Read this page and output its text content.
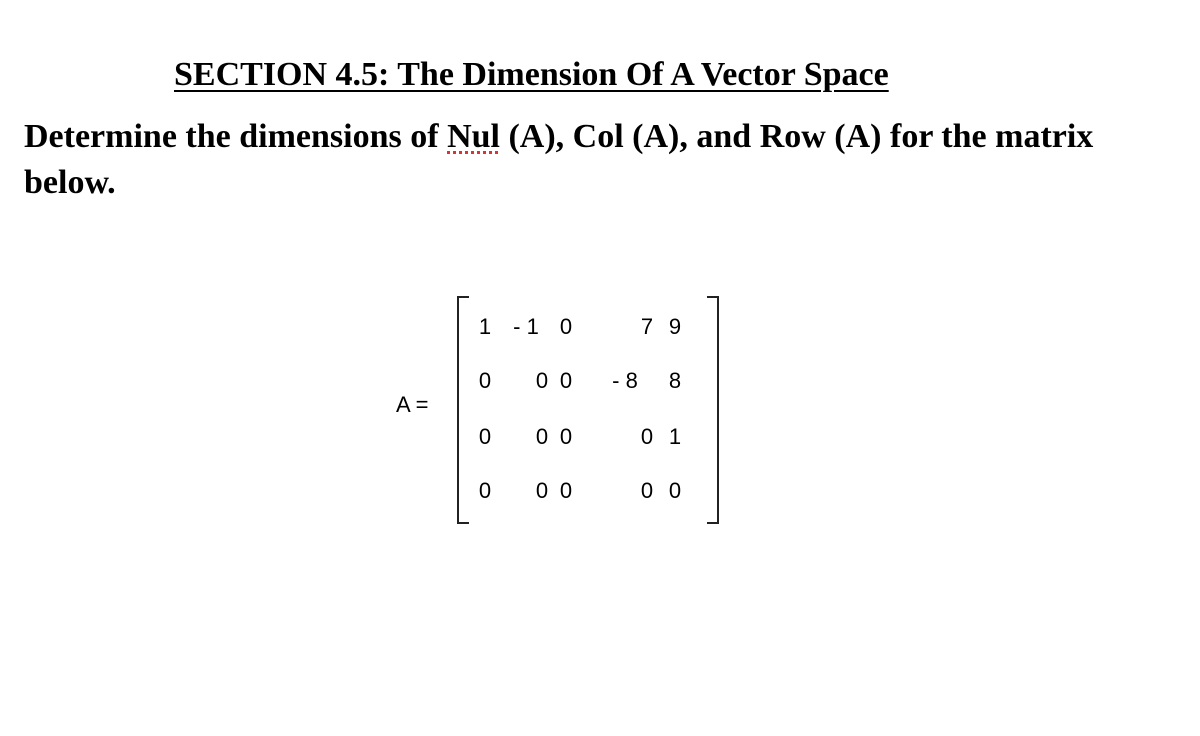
SECTION 4.5: The Dimension Of A Vector Space
Determine the dimensions of Nul (A), Col (A), and Row (A) for the matrix below.
A =
1	- 1 0	7 9
0	0 0	- 8	8
0	0 0	0 1
0	0 0	0 0
